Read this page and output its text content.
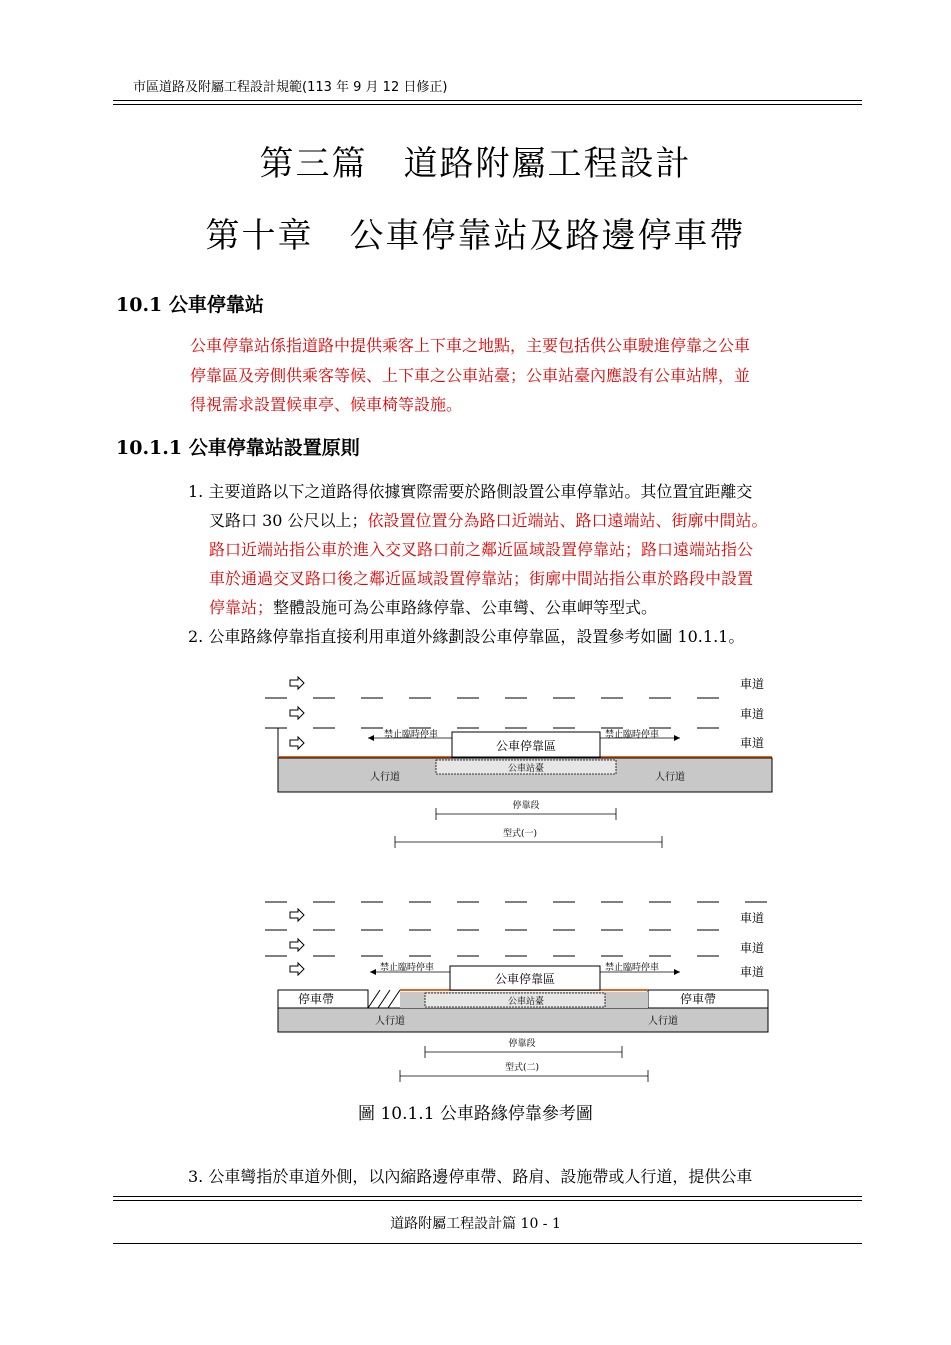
市區道路及附屬工程設計規範(113 年 9 月 12 日修正)
第三篇　道路附屬工程設計
第十章　公車停靠站及路邊停車帶
10.1 公車停靠站
公車停靠站係指道路中提供乘客上下車之地點，主要包括供公車駛進停靠之公車
停靠區及旁側供乘客等候、上下車之公車站臺；公車站臺內應設有公車站牌，並
得視需求設置候車亭、候車椅等設施。
10.1.1 公車停靠站設置原則
1. 主要道路以下之道路得依據實際需要於路側設置公車停靠站。其位置宜距離交
叉路口 30 公尺以上；依設置位置分為路口近端站、路口遠端站、街廓中間站。
路口近端站指公車於進入交叉路口前之鄰近區域設置停靠站；路口遠端站指公
車於通過交叉路口後之鄰近區域設置停靠站；街廓中間站指公車於路段中設置
停靠站；整體設施可為公車路緣停靠、公車彎、公車岬等型式。
2. 公車路緣停靠指直接利用車道外緣劃設公車停靠區，設置參考如圖 10.1.1。
公車停靠區
公車站臺
禁止臨時停車	禁止臨時停車
車道
車道
車道
人行道	人行道
停靠段
型式(一)
停車帶	停車帶
公車站臺
公車停靠區
禁止臨時停車	禁止臨時停車
車道
車道
車道
人行道	人行道
停靠段
型式(二)
圖 10.1.1 公車路緣停靠參考圖
3. 公車彎指於車道外側，以內縮路邊停車帶、路肩、設施帶或人行道，提供公車
道路附屬工程設計篇 10 - 1
